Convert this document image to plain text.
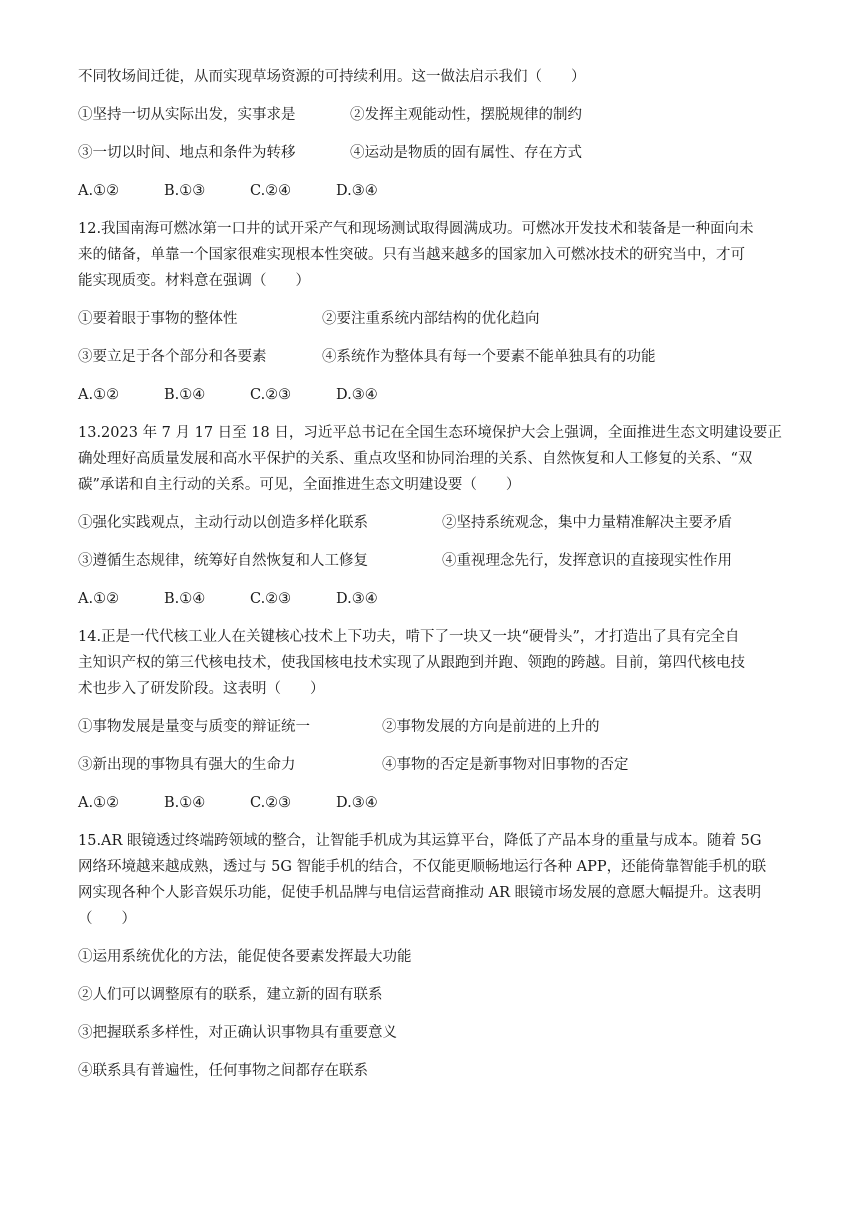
不同牧场间迁徙，从而实现草场资源的可持续利用。这一做法启示我们（　　）
①坚持一切从实际出发，实事求是	②发挥主观能动性，摆脱规律的制约
③一切以时间、地点和条件为转移	④运动是物质的固有属性、存在方式
A.①②	B.①③	C.②④	D.③④
12.我国南海可燃冰第一口井的试开采产气和现场测试取得圆满成功。可燃冰开发技术和装备是一种面向未
来的储备，单靠一个国家很难实现根本性突破。只有当越来越多的国家加入可燃冰技术的研究当中，才可
能实现质变。材料意在强调（　　）
①要着眼于事物的整体性	②要注重系统内部结构的优化趋向
③要立足于各个部分和各要素	④系统作为整体具有每一个要素不能单独具有的功能
A.①②	B.①④	C.②③	D.③④
13.2023 年 7 月 17 日至 18 日，习近平总书记在全国生态环境保护大会上强调，全面推进生态文明建设要正
确处理好高质量发展和高水平保护的关系、重点攻坚和协同治理的关系、自然恢复和人工修复的关系、“双
碳”承诺和自主行动的关系。可见，全面推进生态文明建设要（　　）
①强化实践观点，主动行动以创造多样化联系	②坚持系统观念，集中力量精准解决主要矛盾
③遵循生态规律，统筹好自然恢复和人工修复	④重视理念先行，发挥意识的直接现实性作用
A.①②	B.①④	C.②③	D.③④
14.正是一代代核工业人在关键核心技术上下功夫，啃下了一块又一块“硬骨头”，才打造出了具有完全自
主知识产权的第三代核电技术，使我国核电技术实现了从跟跑到并跑、领跑的跨越。目前，第四代核电技
术也步入了研发阶段。这表明（　　）
①事物发展是量变与质变的辩证统一	②事物发展的方向是前进的上升的
③新出现的事物具有强大的生命力	④事物的否定是新事物对旧事物的否定
A.①②	B.①④	C.②③	D.③④
15.AR 眼镜透过终端跨领域的整合，让智能手机成为其运算平台，降低了产品本身的重量与成本。随着 5G
网络环境越来越成熟，透过与 5G 智能手机的结合，不仅能更顺畅地运行各种 APP，还能倚靠智能手机的联
网实现各种个人影音娱乐功能，促使手机品牌与电信运营商推动 AR 眼镜市场发展的意愿大幅提升。这表明
（　　）
①运用系统优化的方法，能促使各要素发挥最大功能
②人们可以调整原有的联系，建立新的固有联系
③把握联系多样性，对正确认识事物具有重要意义
④联系具有普遍性，任何事物之间都存在联系
